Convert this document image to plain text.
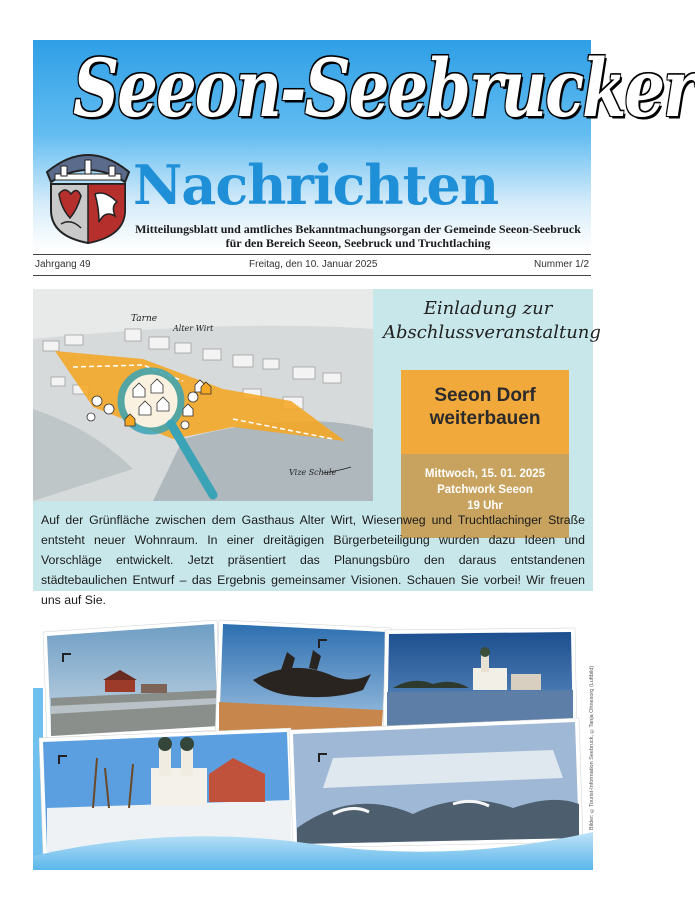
Seeon-Seebrucker
Nachrichten
Mitteilungsblatt und amtliches Bekanntmachungsorgan der Gemeinde Seeon-Seebruck
für den Bereich Seeon, Seebruck und Truchtlaching
Jahrgang 49	Freitag, den 10. Januar 2025	Nummer 1/2
Tarne
Alter Wirt
Vize Schule
Einladung zur
Abschlussveranstaltung
Seeon Dorf
weiterbauen
Mittwoch, 15. 01. 2025
Patchwork Seeon
19 Uhr
Auf der Grünfläche zwischen dem Gasthaus Alter Wirt, Wiesenweg und Truchtlachinger Straße entsteht neuer Wohnraum. In einer dreitägigen Bürgerbeteiligung wurden dazu Ideen und Vorschläge entwickelt. Jetzt präsentiert das Planungsbüro den daraus entstandenen städtebaulichen Entwurf – das Ergebnis gemeinsamer Visionen. Schauen Sie vorbei! Wir freuen uns auf Sie.
Bilder: ©Tourist-Information Seebruck, ©Tanja Ohnesorg (Luftbild)
